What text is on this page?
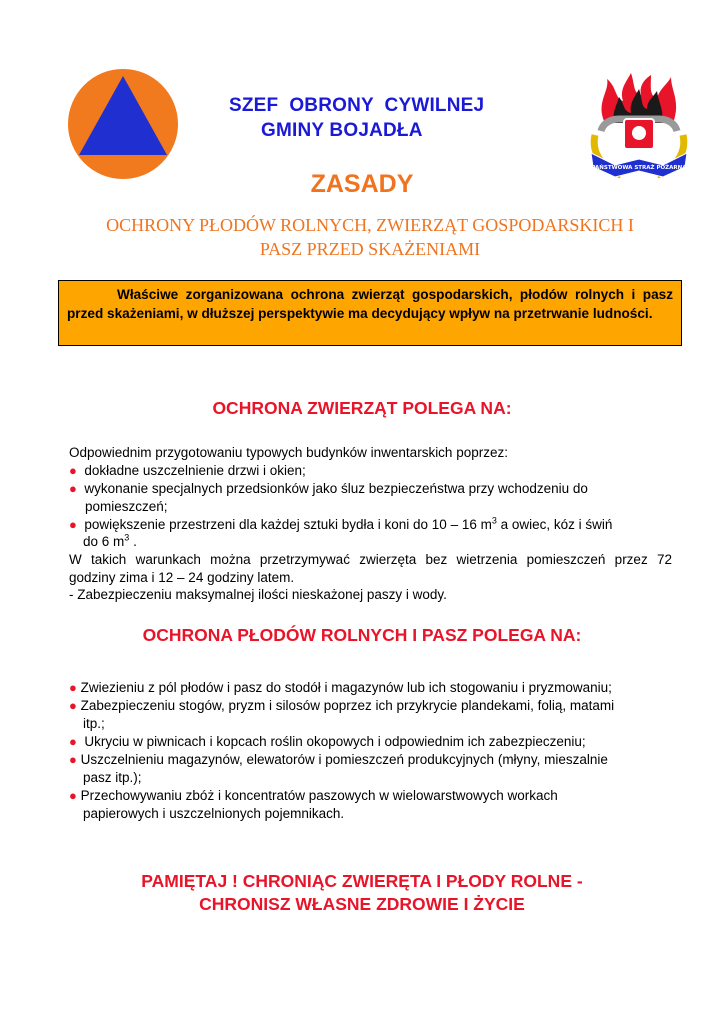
PAŃSTWOWA STRAŻ POŻARNA
SZEF  OBRONY  CYWILNEJ
GMINY BOJADŁA
ZASADY
OCHRONY PŁODÓW ROLNYCH, ZWIERZĄT GOSPODARSKICH I
PASZ PRZED SKAŻENIAMI

Właściwe zorganizowana ochrona zwierząt gospodarskich, płodów rolnych i pasz przed skażeniami, w dłuższej perspektywie ma decydujący wpływ na przetrwanie ludności.

OCHRONA ZWIERZĄT POLEGA NA:
Odpowiednim przygotowaniu typowych budynków inwentarskich poprzez:
● dokładne uszczelnienie drzwi i okien;
● wykonanie specjalnych przedsionków jako śluz bezpieczeństwa przy wchodzeniu do
pomieszczeń;
● powiększenie przestrzeni dla każdej sztuki bydła i koni do 10 – 16 $m^3$ a owiec, kóz i świń
do 6 $m^3$ .
W takich warunkach można przetrzymywać zwierzęta bez wietrzenia pomieszczeń przez 72
godziny zima i 12 – 24 godziny latem.
- Zabezpieczeniu maksymalnej ilości nieskażonej paszy i wody.
OCHRONA PŁODÓW ROLNYCH I PASZ POLEGA NA:
● Zwiezieniu z pól płodów i pasz do stodół i magazynów lub ich stogowaniu i pryzmowaniu;
● Zabezpieczeniu stogów, pryzm i silosów poprzez ich przykrycie plandekami, folią, matami
itp.;
● Ukryciu w piwnicach i kopcach roślin okopowych i odpowiednim ich zabezpieczeniu;
● Uszczelnieniu magazynów, elewatorów i pomieszczeń produkcyjnych (młyny, mieszalnie
pasz itp.);
● Przechowywaniu zbóż i koncentratów paszowych w wielowarstwowych workach
papierowych i uszczelnionych pojemnikach.
PAMIĘTAJ ! CHRONIĄC ZWIERĘTA I PŁODY ROLNE -
CHRONISZ WŁASNE ZDROWIE I ŻYCIE
